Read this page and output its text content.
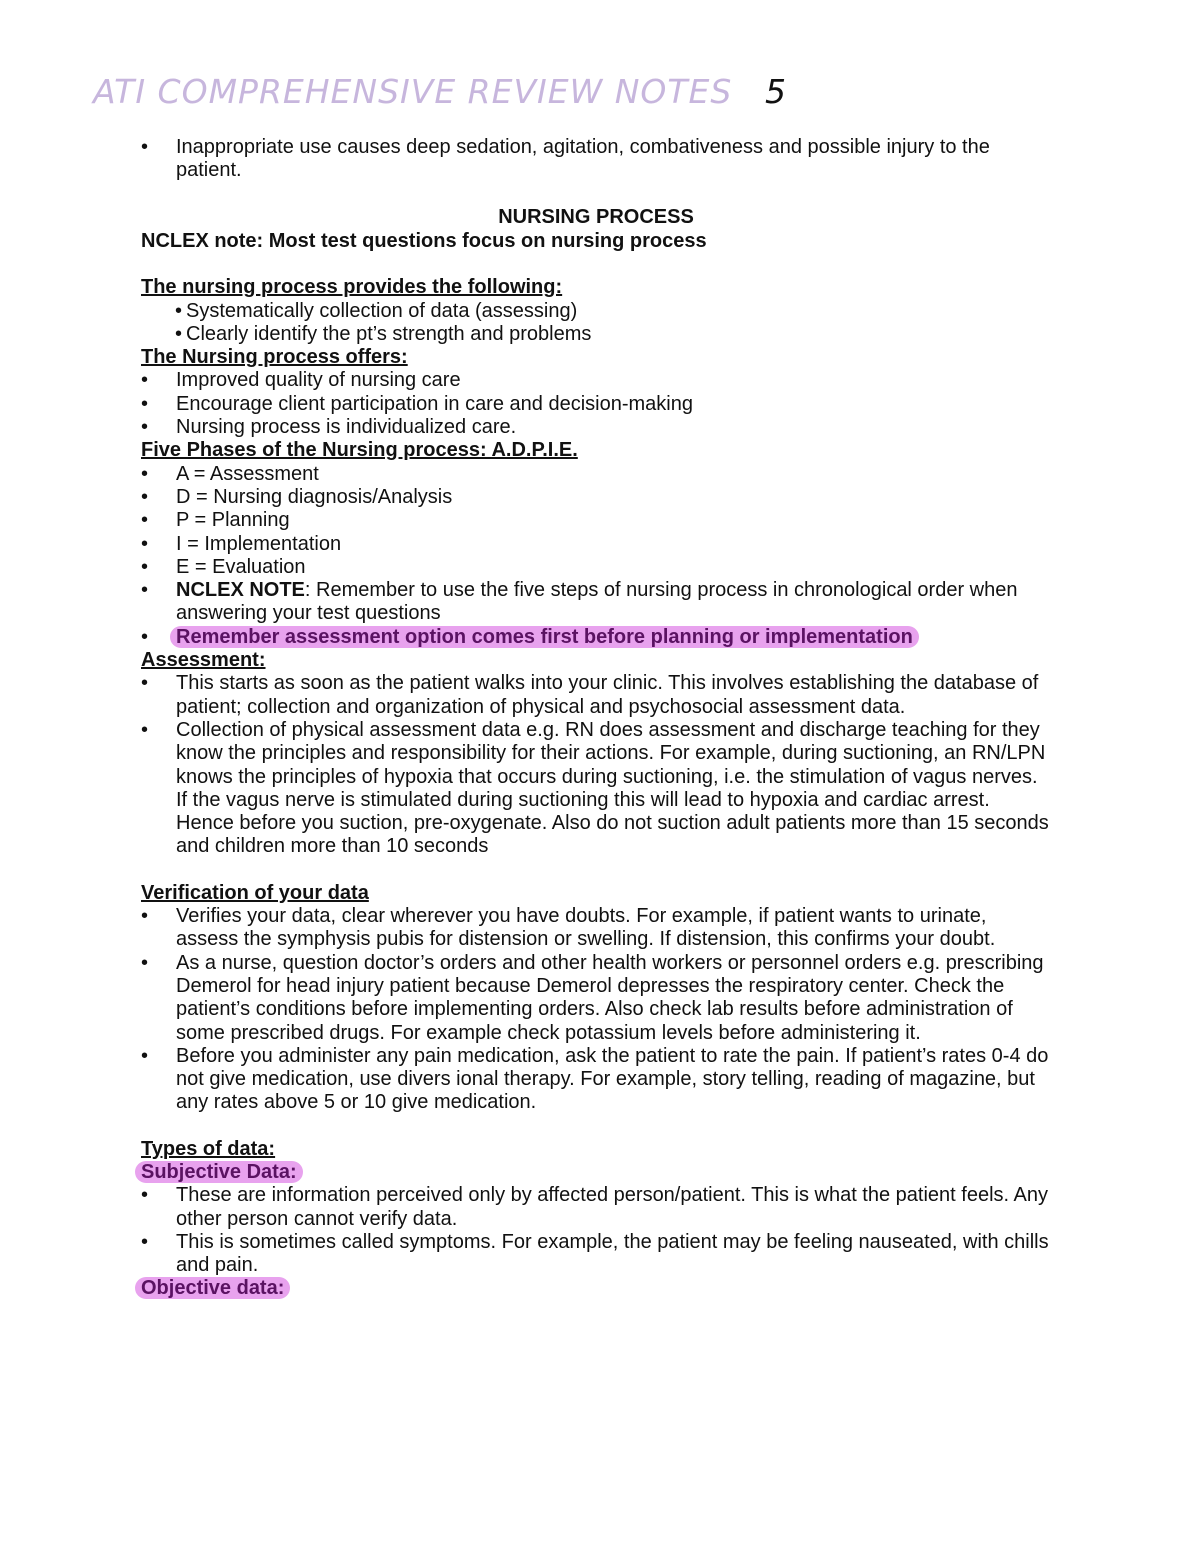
ATI COMPREHENSIVE REVIEW NOTES 5
• Inappropriate use causes deep sedation, agitation, combativeness and possible injury to the patient.
NURSING PROCESS
NCLEX note: Most test questions focus on nursing process
The nursing process provides the following:
• Systematically collection of data (assessing)
• Clearly identify the pt’s strength and problems
The Nursing process offers:
• Improved quality of nursing care
• Encourage client participation in care and decision-making
• Nursing process is individualized care.
Five Phases of the Nursing process: A.D.P.I.E.
• A = Assessment
• D = Nursing diagnosis/Analysis
• P = Planning
• I = Implementation
• E = Evaluation
• NCLEX NOTE: Remember to use the five steps of nursing process in chronological order when answering your test questions
• Remember assessment option comes first before planning or implementation
Assessment:
• This starts as soon as the patient walks into your clinic. This involves establishing the database of patient; collection and organization of physical and psychosocial assessment data.
• Collection of physical assessment data e.g. RN does assessment and discharge teaching for they know the principles and responsibility for their actions. For example, during suctioning, an RN/LPN knows the principles of hypoxia that occurs during suctioning, i.e. the stimulation of vagus nerves. If the vagus nerve is stimulated during suctioning this will lead to hypoxia and cardiac arrest. Hence before you suction, pre-oxygenate. Also do not suction adult patients more than 15 seconds and children more than 10 seconds
Verification of your data
• Verifies your data, clear wherever you have doubts. For example, if patient wants to urinate, assess the symphysis pubis for distension or swelling. If distension, this confirms your doubt.
• As a nurse, question doctor’s orders and other health workers or personnel orders e.g. prescribing Demerol for head injury patient because Demerol depresses the respiratory center. Check the patient’s conditions before implementing orders. Also check lab results before administration of some prescribed drugs. For example check potassium levels before administering it.
• Before you administer any pain medication, ask the patient to rate the pain. If patient’s rates 0-4 do not give medication, use divers ional therapy. For example, story telling, reading of magazine, but any rates above 5 or 10 give medication.
Types of data:
Subjective Data:
• These are information perceived only by affected person/patient. This is what the patient feels. Any other person cannot verify data.
• This is sometimes called symptoms. For example, the patient may be feeling nauseated, with chills and pain.
Objective data:
